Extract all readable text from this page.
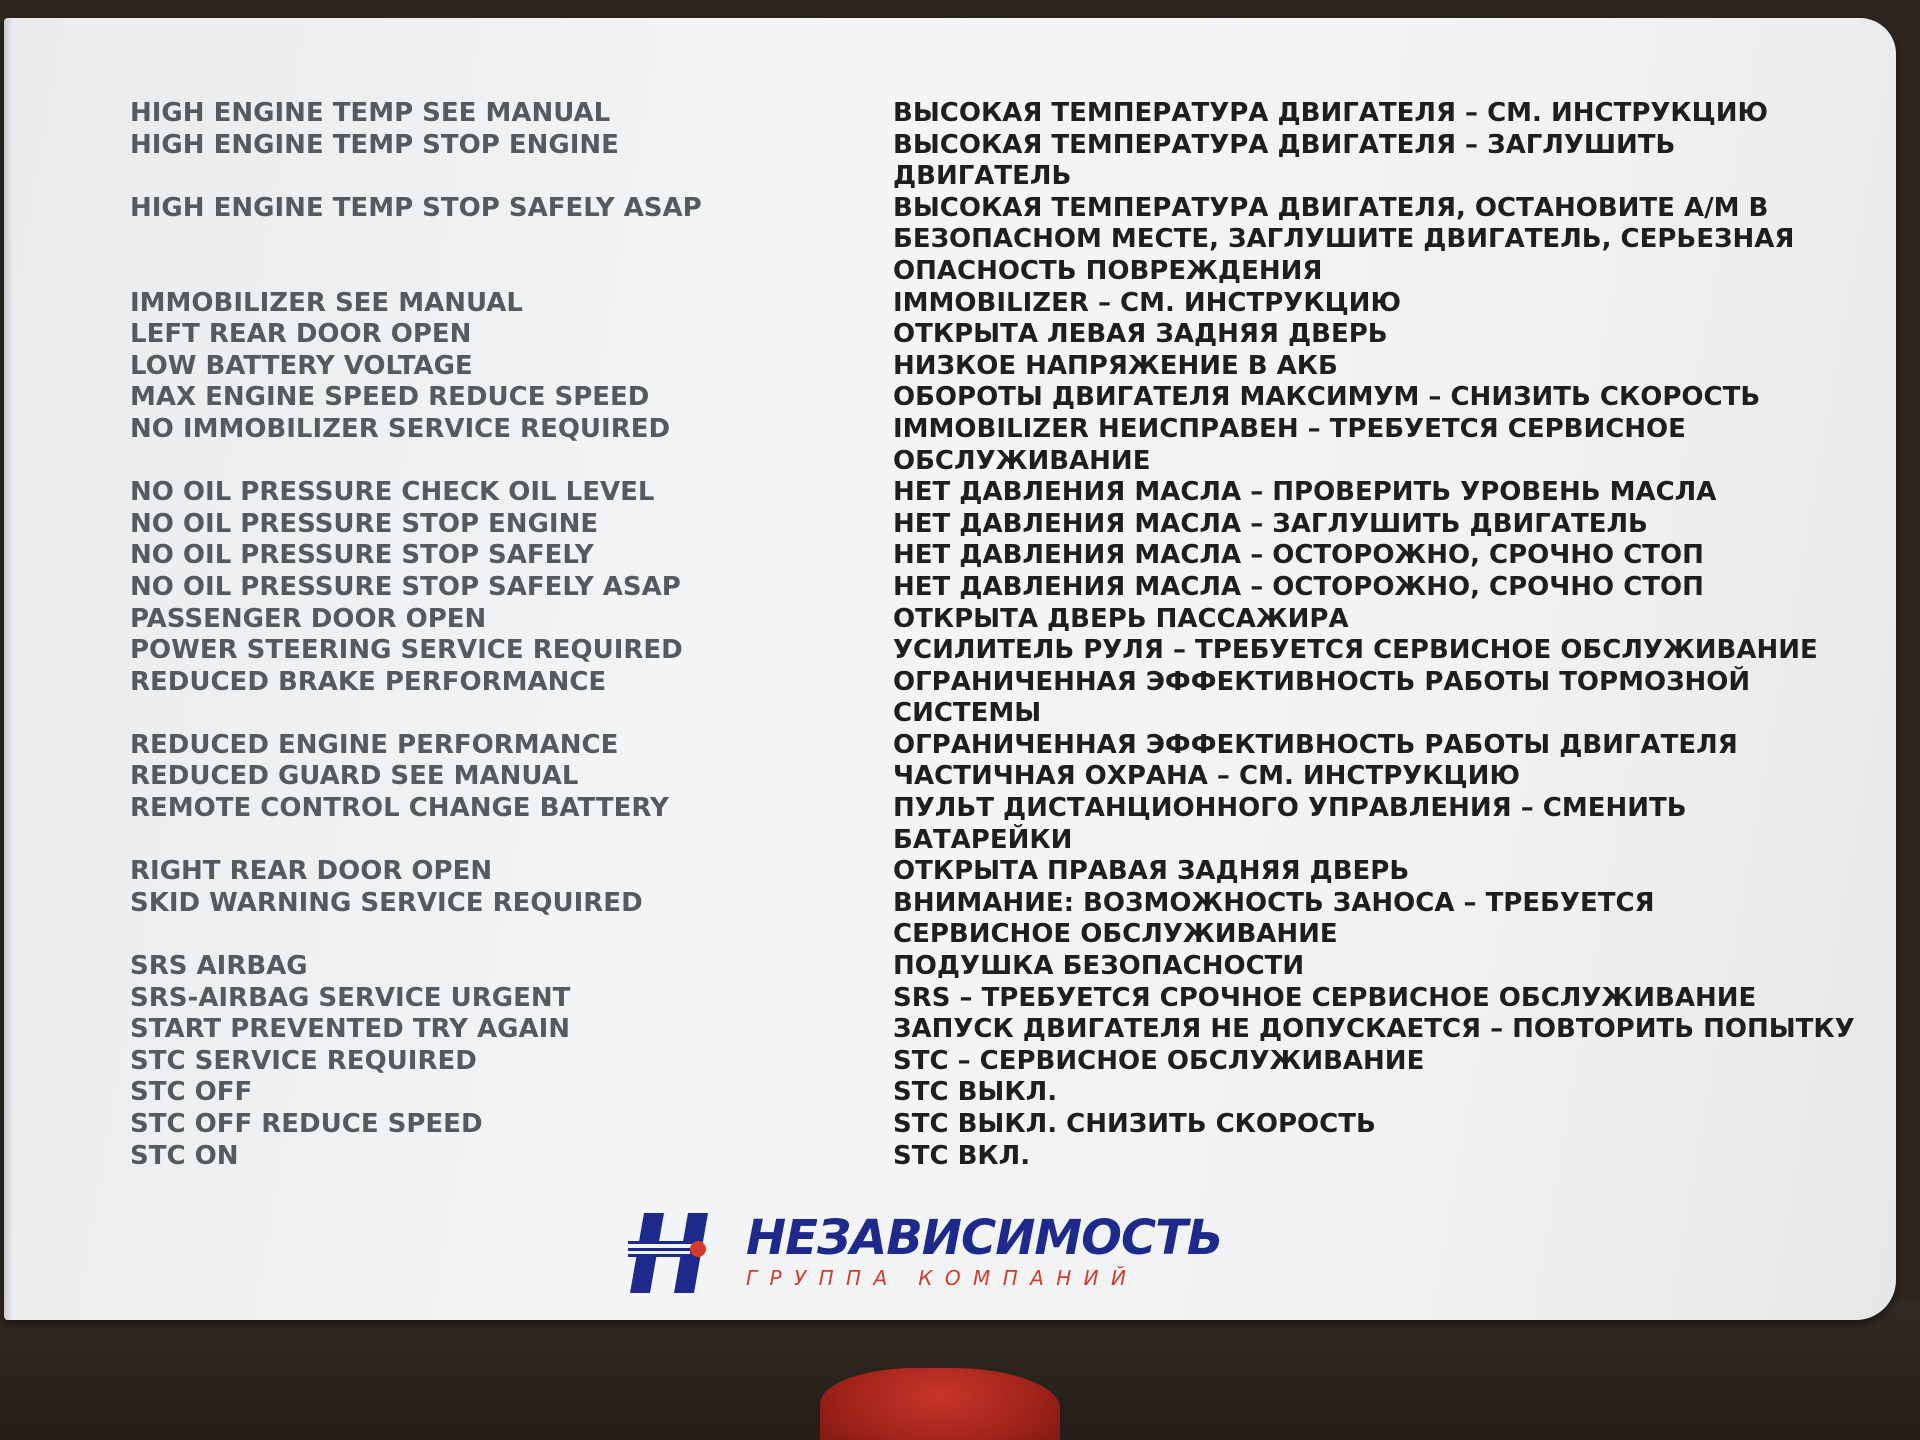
HIGH ENGINE TEMP SEE MANUAL
HIGH ENGINE TEMP STOP ENGINE
HIGH ENGINE TEMP STOP SAFELY ASAP
IMMOBILIZER SEE MANUAL
LEFT REAR DOOR OPEN
LOW BATTERY VOLTAGE
MAX ENGINE SPEED REDUCE SPEED
NO IMMOBILIZER SERVICE REQUIRED
NO OIL PRESSURE CHECK OIL LEVEL
NO OIL PRESSURE STOP ENGINE
NO OIL PRESSURE STOP SAFELY
NO OIL PRESSURE STOP SAFELY ASAP
PASSENGER DOOR OPEN
POWER STEERING SERVICE REQUIRED
REDUCED BRAKE PERFORMANCE
REDUCED ENGINE PERFORMANCE
REDUCED GUARD SEE MANUAL
REMOTE CONTROL CHANGE BATTERY
RIGHT REAR DOOR OPEN
SKID WARNING SERVICE REQUIRED
SRS AIRBAG
SRS-AIRBAG SERVICE URGENT
START PREVENTED TRY AGAIN
STC SERVICE REQUIRED
STC OFF
STC OFF REDUCE SPEED
STC ON
ВЫСОКАЯ ТЕМПЕРАТУРА ДВИГАТЕЛЯ – СМ. ИНСТРУКЦИЮ
ВЫСОКАЯ ТЕМПЕРАТУРА ДВИГАТЕЛЯ – ЗАГЛУШИТЬ
ДВИГАТЕЛЬ
ВЫСОКАЯ ТЕМПЕРАТУРА ДВИГАТЕЛЯ, ОСТАНОВИТЕ А/М В
БЕЗОПАСНОМ МЕСТЕ, ЗАГЛУШИТЕ ДВИГАТЕЛЬ, СЕРЬЕЗНАЯ
ОПАСНОСТЬ ПОВРЕЖДЕНИЯ
IMMOBILIZER – СМ. ИНСТРУКЦИЮ
ОТКРЫТА ЛЕВАЯ ЗАДНЯЯ ДВЕРЬ
НИЗКОЕ НАПРЯЖЕНИЕ В АКБ
ОБОРОТЫ ДВИГАТЕЛЯ МАКСИМУМ – СНИЗИТЬ СКОРОСТЬ
IMMOBILIZER НЕИСПРАВЕН – ТРЕБУЕТСЯ СЕРВИСНОЕ
ОБСЛУЖИВАНИЕ
НЕТ ДАВЛЕНИЯ МАСЛА – ПРОВЕРИТЬ УРОВЕНЬ МАСЛА
НЕТ ДАВЛЕНИЯ МАСЛА – ЗАГЛУШИТЬ ДВИГАТЕЛЬ
НЕТ ДАВЛЕНИЯ МАСЛА – ОСТОРОЖНО, СРОЧНО СТОП
НЕТ ДАВЛЕНИЯ МАСЛА – ОСТОРОЖНО, СРОЧНО СТОП
ОТКРЫТА ДВЕРЬ ПАССАЖИРА
УСИЛИТЕЛЬ РУЛЯ – ТРЕБУЕТСЯ СЕРВИСНОЕ ОБСЛУЖИВАНИЕ
ОГРАНИЧЕННАЯ ЭФФЕКТИВНОСТЬ РАБОТЫ ТОРМОЗНОЙ
СИСТЕМЫ
ОГРАНИЧЕННАЯ ЭФФЕКТИВНОСТЬ РАБОТЫ ДВИГАТЕЛЯ
ЧАСТИЧНАЯ ОХРАНА – СМ. ИНСТРУКЦИЮ
ПУЛЬТ ДИСТАНЦИОННОГО УПРАВЛЕНИЯ – СМЕНИТЬ
БАТАРЕЙКИ
ОТКРЫТА ПРАВАЯ ЗАДНЯЯ ДВЕРЬ
ВНИМАНИЕ: ВОЗМОЖНОСТЬ ЗАНОСА – ТРЕБУЕТСЯ
СЕРВИСНОЕ ОБСЛУЖИВАНИЕ
ПОДУШКА БЕЗОПАСНОСТИ
SRS – ТРЕБУЕТСЯ СРОЧНОЕ СЕРВИСНОЕ ОБСЛУЖИВАНИЕ
ЗАПУСК ДВИГАТЕЛЯ НЕ ДОПУСКАЕТСЯ – ПОВТОРИТЬ ПОПЫТКУ
STC – СЕРВИСНОЕ ОБСЛУЖИВАНИЕ
STC ВЫКЛ.
STC ВЫКЛ. СНИЗИТЬ СКОРОСТЬ
STC ВКЛ.
НЕЗАВИСИМОСТЬ
ГРУППА КОМПАНИЙ
